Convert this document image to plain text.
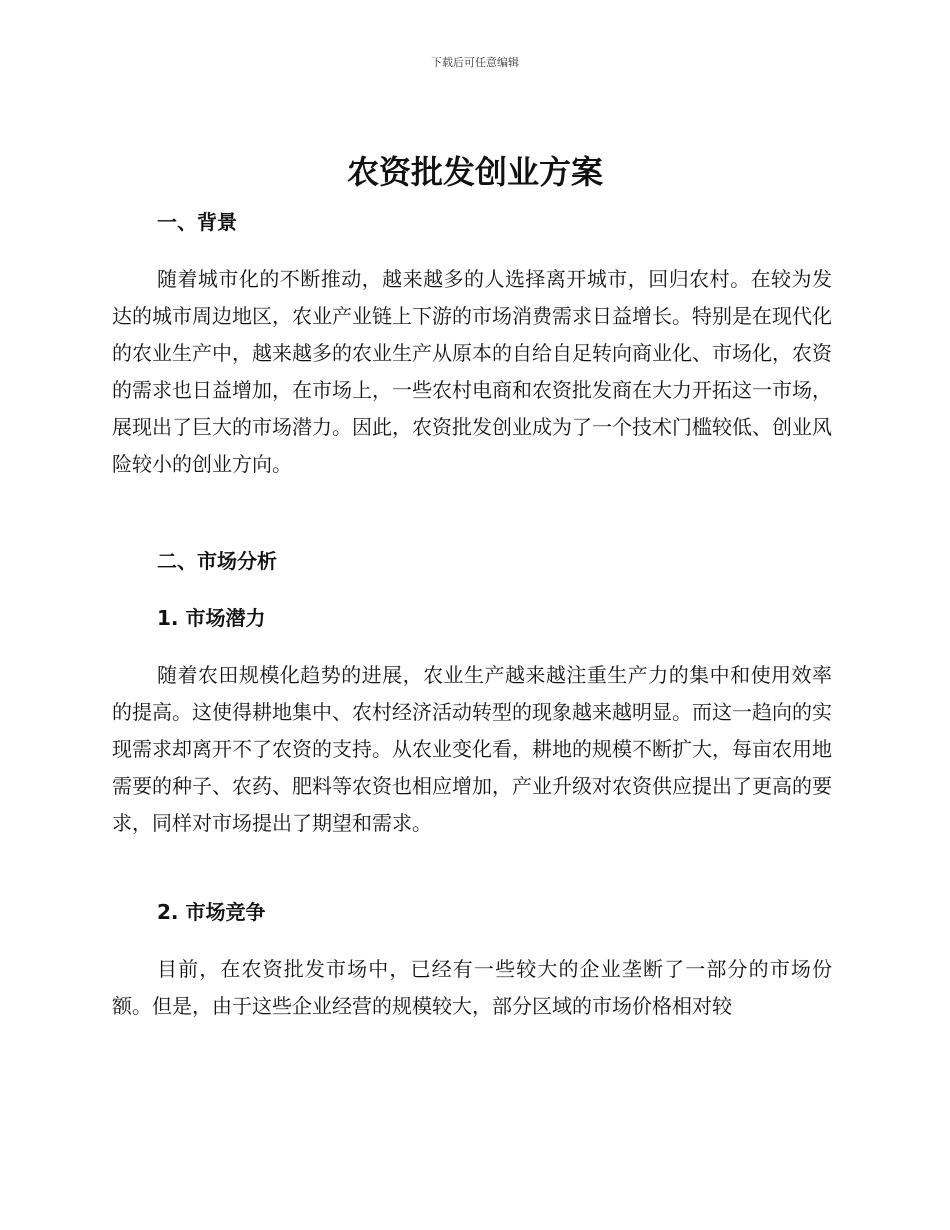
下载后可任意编辑
农资批发创业方案
一、背景

随着城市化的不断推动，越来越多的人选择离开城市，回归农村。在较为发达的城市周边地区，农业产业链上下游的市场消费需求日益增长。特别是在现代化的农业生产中，越来越多的农业生产从原本的自给自足转向商业化、市场化，农资的需求也日益增加，在市场上，一些农村电商和农资批发商在大力开拓这一市场，展现出了巨大的市场潜力。因此，农资批发创业成为了一个技术门槛较低、创业风险较小的创业方向。

二、市场分析
1. 市场潜力

随着农田规模化趋势的进展，农业生产越来越注重生产力的集中和使用效率的提高。这使得耕地集中、农村经济活动转型的现象越来越明显。而这一趋向的实现需求却离开不了农资的支持。从农业变化看，耕地的规模不断扩大，每亩农用地需要的种子、农药、肥料等农资也相应增加，产业升级对农资供应提出了更高的要求，同样对市场提出了期望和需求。

2. 市场竞争

目前，在农资批发市场中，已经有一些较大的企业垄断了一部分的市场份额。但是，由于这些企业经营的规模较大，部分区域的市场价格相对较
